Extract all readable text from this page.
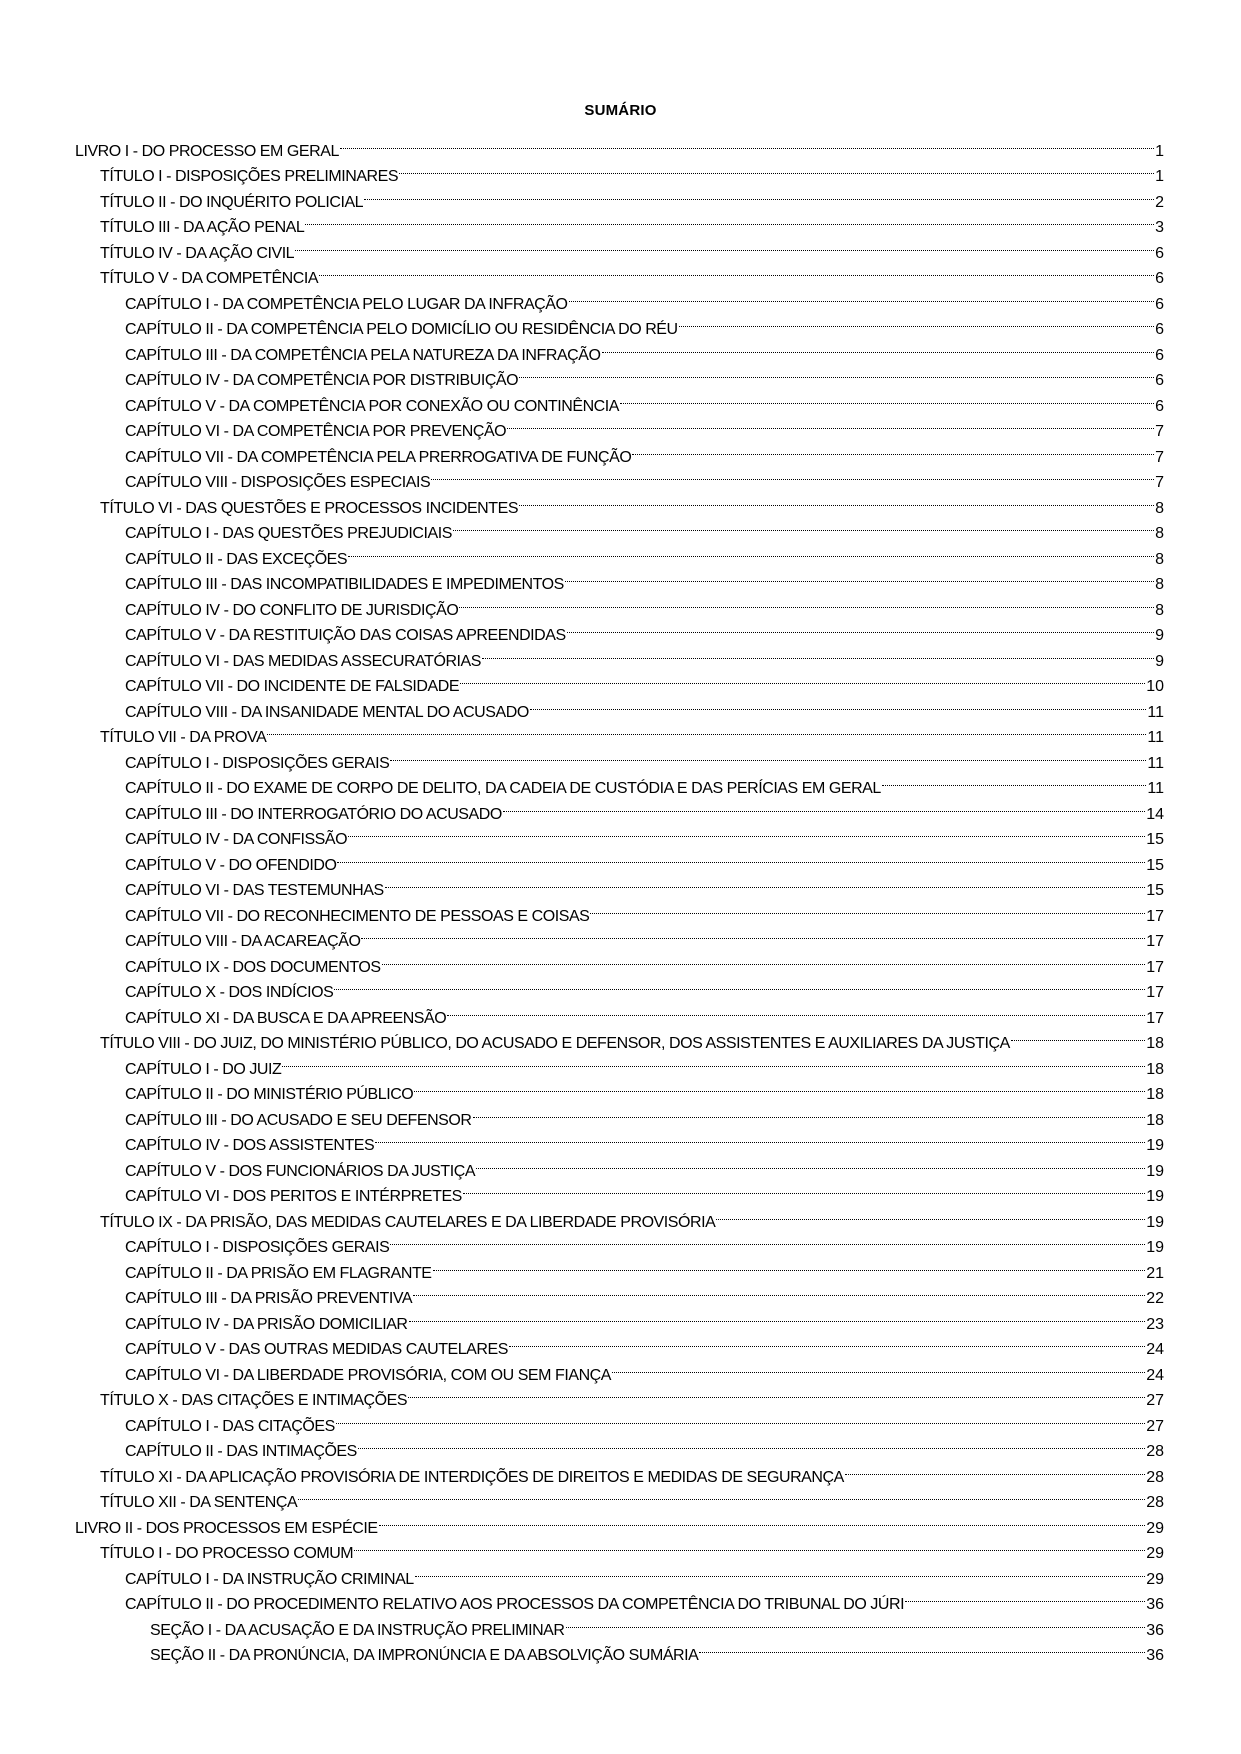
SUMÁRIO
LIVRO I - DO PROCESSO EM GERAL	1
TÍTULO I - DISPOSIÇÕES PRELIMINARES	1
TÍTULO II - DO INQUÉRITO POLICIAL	2
TÍTULO III - DA AÇÃO PENAL	3
TÍTULO IV - DA AÇÃO CIVIL	6
TÍTULO V - DA COMPETÊNCIA	6
CAPÍTULO I - DA COMPETÊNCIA PELO LUGAR DA INFRAÇÃO	6
CAPÍTULO II - DA COMPETÊNCIA PELO DOMICÍLIO OU RESIDÊNCIA DO RÉU	6
CAPÍTULO III - DA COMPETÊNCIA PELA NATUREZA DA INFRAÇÃO	6
CAPÍTULO IV - DA COMPETÊNCIA POR DISTRIBUIÇÃO	6
CAPÍTULO V - DA COMPETÊNCIA POR CONEXÃO OU CONTINÊNCIA	6
CAPÍTULO VI - DA COMPETÊNCIA POR PREVENÇÃO	7
CAPÍTULO VII - DA COMPETÊNCIA PELA PRERROGATIVA DE FUNÇÃO	7
CAPÍTULO VIII - DISPOSIÇÕES ESPECIAIS	7
TÍTULO VI - DAS QUESTÕES E PROCESSOS INCIDENTES	8
CAPÍTULO I - DAS QUESTÕES PREJUDICIAIS	8
CAPÍTULO II - DAS EXCEÇÕES	8
CAPÍTULO III - DAS INCOMPATIBILIDADES E IMPEDIMENTOS	8
CAPÍTULO IV - DO CONFLITO DE JURISDIÇÃO	8
CAPÍTULO V - DA RESTITUIÇÃO DAS COISAS APREENDIDAS	9
CAPÍTULO VI - DAS MEDIDAS ASSECURATÓRIAS	9
CAPÍTULO VII - DO INCIDENTE DE FALSIDADE	10
CAPÍTULO VIII - DA INSANIDADE MENTAL DO ACUSADO	11
TÍTULO VII - DA PROVA	11
CAPÍTULO I - DISPOSIÇÕES GERAIS	11
CAPÍTULO II - DO EXAME DE CORPO DE DELITO, DA CADEIA DE CUSTÓDIA E DAS PERÍCIAS EM GERAL	11
CAPÍTULO III - DO INTERROGATÓRIO DO ACUSADO	14
CAPÍTULO IV - DA CONFISSÃO	15
CAPÍTULO V - DO OFENDIDO	15
CAPÍTULO VI - DAS TESTEMUNHAS	15
CAPÍTULO VII - DO RECONHECIMENTO DE PESSOAS E COISAS	17
CAPÍTULO VIII - DA ACAREAÇÃO	17
CAPÍTULO IX - DOS DOCUMENTOS	17
CAPÍTULO X - DOS INDÍCIOS	17
CAPÍTULO XI - DA BUSCA E DA APREENSÃO	17
TÍTULO VIII - DO JUIZ, DO MINISTÉRIO PÚBLICO, DO ACUSADO E DEFENSOR, DOS ASSISTENTES E AUXILIARES DA JUSTIÇA	18
CAPÍTULO I - DO JUIZ	18
CAPÍTULO II - DO MINISTÉRIO PÚBLICO	18
CAPÍTULO III - DO ACUSADO E SEU DEFENSOR	18
CAPÍTULO IV - DOS ASSISTENTES	19
CAPÍTULO V - DOS FUNCIONÁRIOS DA JUSTIÇA	19
CAPÍTULO VI - DOS PERITOS E INTÉRPRETES	19
TÍTULO IX - DA PRISÃO, DAS MEDIDAS CAUTELARES E DA LIBERDADE PROVISÓRIA	19
CAPÍTULO I - DISPOSIÇÕES GERAIS	19
CAPÍTULO II - DA PRISÃO EM FLAGRANTE	21
CAPÍTULO III - DA PRISÃO PREVENTIVA	22
CAPÍTULO IV - DA PRISÃO DOMICILIAR	23
CAPÍTULO V - DAS OUTRAS MEDIDAS CAUTELARES	24
CAPÍTULO VI - DA LIBERDADE PROVISÓRIA, COM OU SEM FIANÇA	24
TÍTULO X - DAS CITAÇÕES E INTIMAÇÕES	27
CAPÍTULO I - DAS CITAÇÕES	27
CAPÍTULO II - DAS INTIMAÇÕES	28
TÍTULO XI - DA APLICAÇÃO PROVISÓRIA DE INTERDIÇÕES DE DIREITOS E MEDIDAS DE SEGURANÇA	28
TÍTULO XII - DA SENTENÇA	28
LIVRO II - DOS PROCESSOS EM ESPÉCIE	29
TÍTULO I - DO PROCESSO COMUM	29
CAPÍTULO I - DA INSTRUÇÃO CRIMINAL	29
CAPÍTULO II - DO PROCEDIMENTO RELATIVO AOS PROCESSOS DA COMPETÊNCIA DO TRIBUNAL DO JÚRI	36
SEÇÃO I - DA ACUSAÇÃO E DA INSTRUÇÃO PRELIMINAR	36
SEÇÃO II - DA PRONÚNCIA, DA IMPRONÚNCIA E DA ABSOLVIÇÃO SUMÁRIA	36
